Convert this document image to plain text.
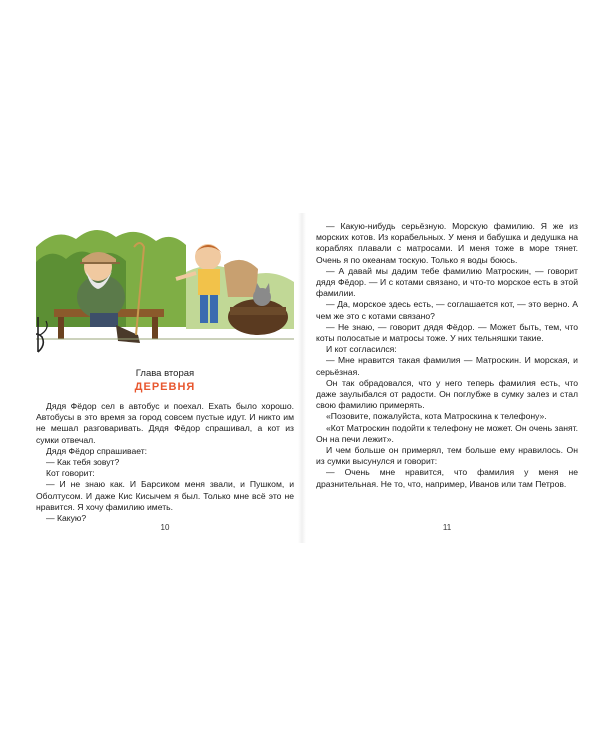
Глава вторая
ДЕРЕВНЯ

Дядя Фёдор сел в автобус и поехал. Ехать было хорошо. Автобусы в это время за город совсем пустые идут. И никто им не мешал разговаривать. Дядя Фёдор спрашивал, а кот из сумки отвечал.

Дядя Фёдор спрашивает:

— Как тебя зовут?

Кот говорит:

— И не знаю как. И Барсиком меня звали, и Пушком, и Оболтусом. И даже Кис Кисычем я был. Только мне всё это не нравится. Я хочу фамилию иметь.

— Какую?

10

— Какую-нибудь серьёзную. Морскую фамилию. Я же из морских котов. Из корабельных. У меня и бабушка и дедушка на кораблях плавали с матросами. И меня тоже в море тянет. Очень я по океанам тоскую. Только я воды боюсь.

— А давай мы дадим тебе фамилию Матроскин, — говорит дядя Фёдор. — И с котами связано, и что-то морское есть в этой фамилии.

— Да, морское здесь есть, — соглашается кот, — это верно. А чем же это с котами связано?

— Не знаю, — говорит дядя Фёдор. — Может быть, тем, что коты полосатые и матросы тоже. У них тельняшки такие.

И кот согласился:

— Мне нравится такая фамилия — Матроскин. И морская, и серьёзная.

Он так обрадовался, что у него теперь фамилия есть, что даже заулыбался от радости. Он поглубже в сумку залез и стал свою фамилию примерять.

«Позовите, пожалуйста, кота Матроскина к телефону».

«Кот Матроскин подойти к телефону не может. Он очень занят. Он на печи лежит».

И чем больше он примерял, тем больше ему нравилось. Он из сумки высунулся и говорит:

— Очень мне нравится, что фамилия у меня не дразнительная. Не то, что, например, Иванов или там Петров.

11
